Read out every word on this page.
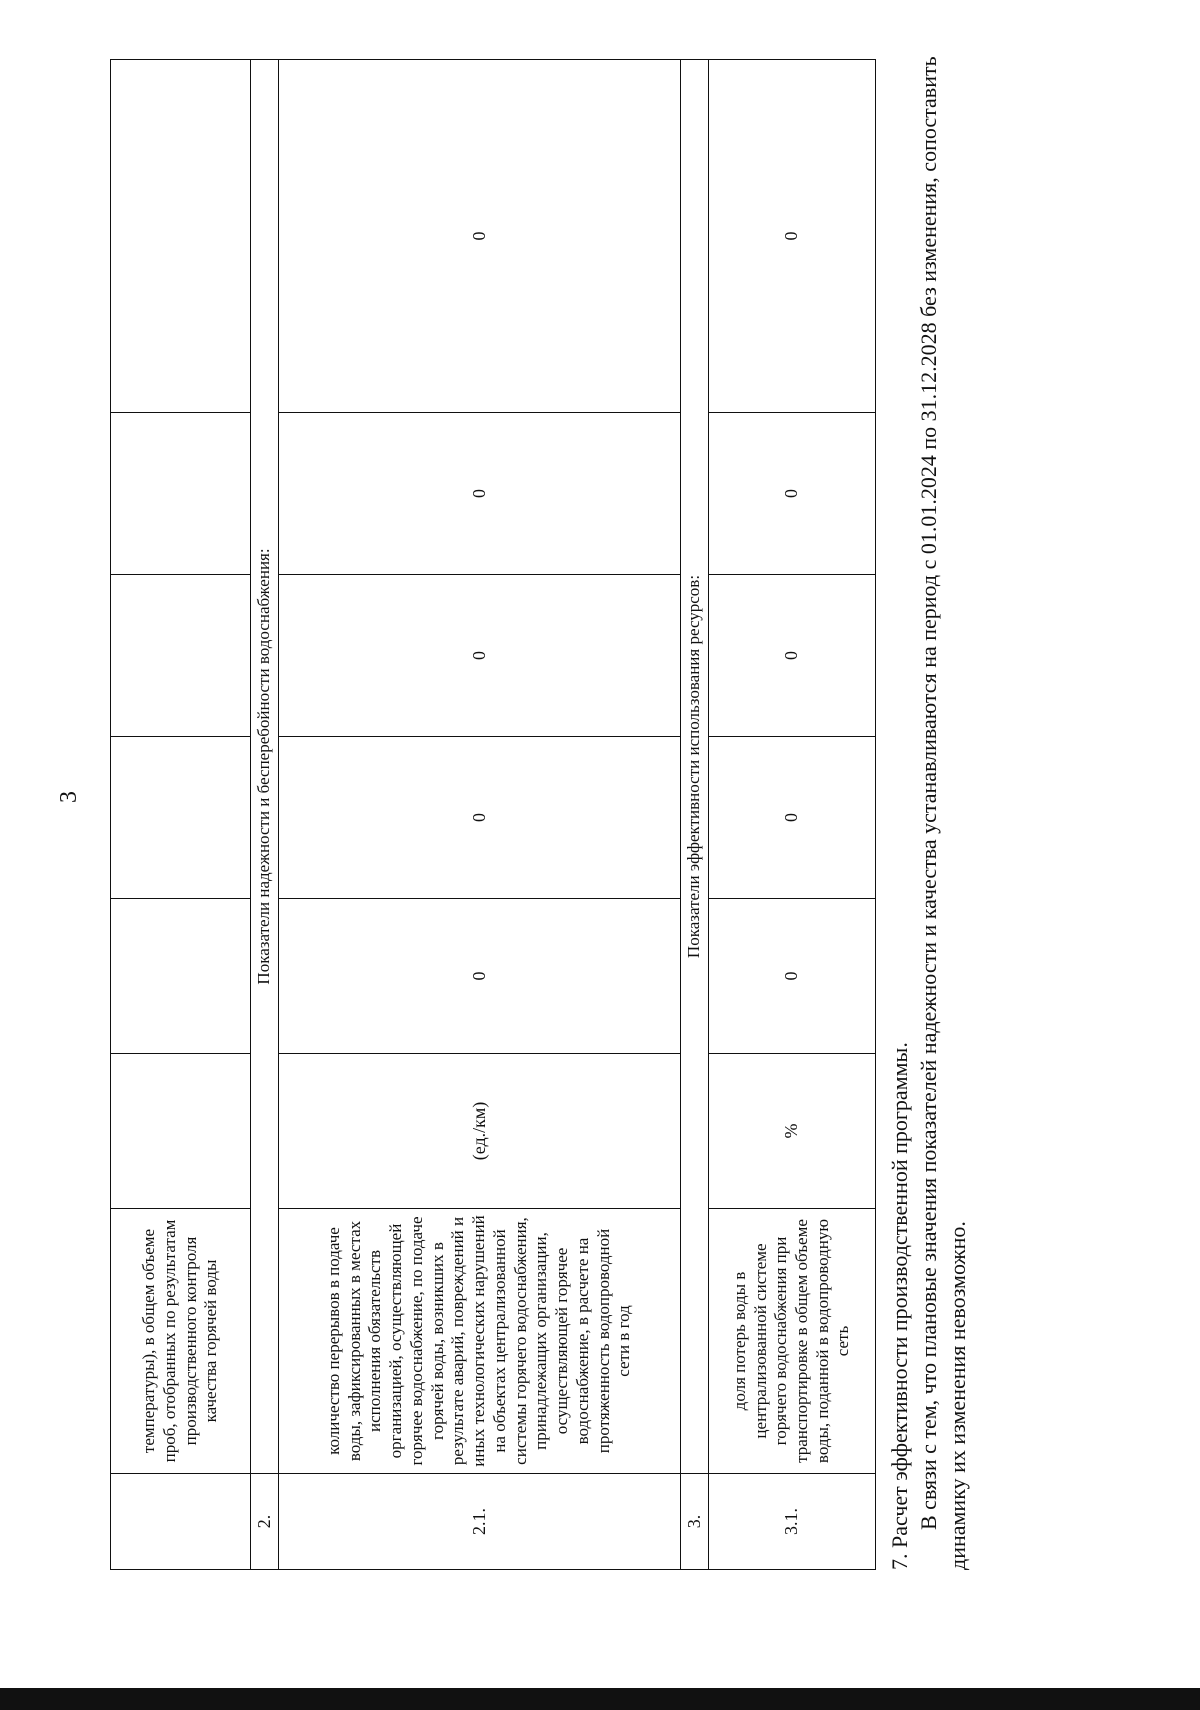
3
	температуры), в общем объеме проб, отобранных по результатам производственного контроля качества горячей воды						
2.	Показатели надежности и бесперебойности водоснабжения:						
2.1.	количество перерывов в подаче воды, зафиксированных в местах исполнения обязательств организацией, осуществляющей горячее водоснабжение, по подаче горячей воды, возникших в результате аварий, повреждений и иных технологических нарушений на объектах централизованной системы горячего водоснабжения, принадлежащих организации, осуществляющей горячее водоснабжение, в расчете на протяженность водопроводной сети в год	(ед./км)	0	0	0	0	0
3.	Показатели эффективности использования ресурсов:						
3.1.	доля потерь воды в централизованной системе горячего водоснабжения при транспортировке в общем объеме воды, поданной в водопроводную сеть	%	0	0	0	0	0

7. Расчет эффективности производственной программы. В связи с тем, что плановые значения показателей надежности и качества устанавливаются на период с 01.01.2024 по 31.12.2028 без изменения, сопоставить динамику их изменения невозможно.
